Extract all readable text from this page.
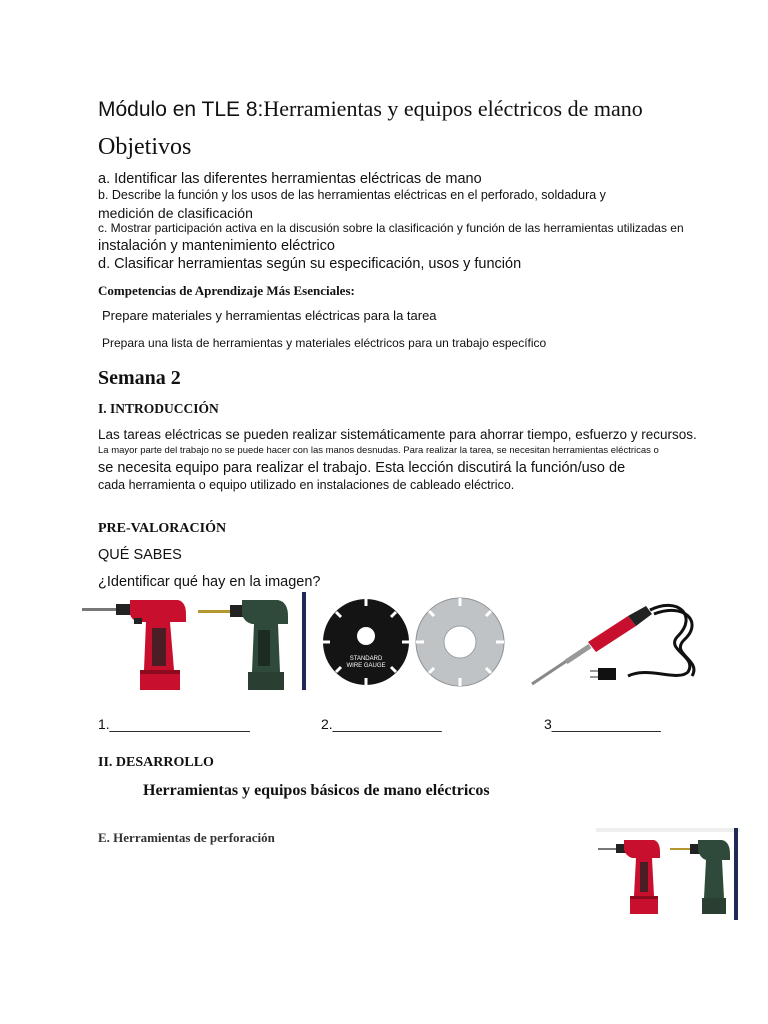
Módulo en TLE 8:Herramientas y equipos eléctricos de mano
Objetivos
a. Identificar las diferentes herramientas eléctricas de mano
b. Describe la función y los usos de las herramientas eléctricas en el perforado, soldadura y
medición de clasificación
c. Mostrar participación activa en la discusión sobre la clasificación y función de las herramientas utilizadas en
instalación y mantenimiento eléctrico
d. Clasificar herramientas según su especificación, usos y función
Competencias de Aprendizaje Más Esenciales:
Prepare materiales y herramientas eléctricas para la tarea
Prepara una lista de herramientas y materiales eléctricos para un trabajo específico
Semana 2
I. INTRODUCCIÓN
Las tareas eléctricas se pueden realizar sistemáticamente para ahorrar tiempo, esfuerzo y recursos.
La mayor parte del trabajo no se puede hacer con las manos desnudas. Para realizar la tarea, se necesitan herramientas eléctricas o
se necesita equipo para realizar el trabajo. Esta lección discutirá la función/uso de
cada herramienta o equipo utilizado en instalaciones de cableado eléctrico.
PRE-VALORACIÓN
QUÉ SABES
¿Identificar qué hay en la imagen?
STANDARD
WIRE GAUGE
1.__________________	2.______________	3______________
II. DESARROLLO
Herramientas y equipos básicos de mano eléctricos
E. Herramientas de perforación
